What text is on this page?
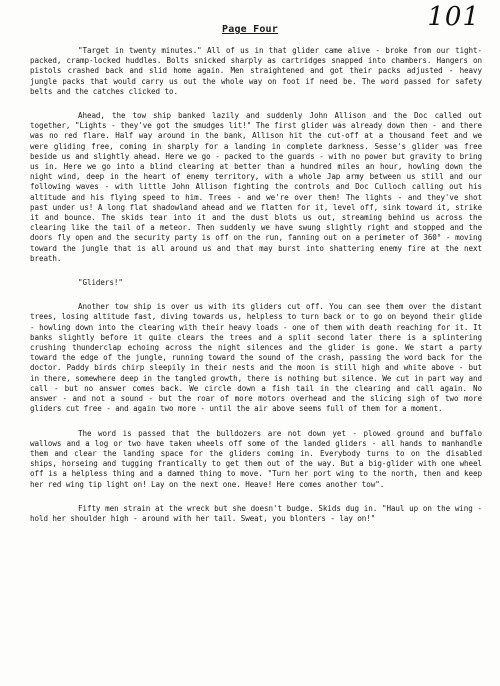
101
Page Four

"Target in twenty minutes." All of us in that glider came alive - broke from our tight-packed, cramp-locked huddles. Bolts snicked sharply as cartridges snapped into chambers. Hangers on pistols crashed back and slid home again. Men straightened and got their packs adjusted - heavy jungle packs that would carry us out the whole way on foot if need be. The word passed for safety belts and the catches clicked to.

Ahead, the tow ship banked lazily and suddenly John Allison and the Doc called out together, "Lights - they've got the smudges lit!" The first glider was already down then - and there was no red flare. Half way around in the bank, Allison hit the cut-off at a thousand feet and we were gliding free, coming in sharply for a landing in complete darkness. Sesse's glider was free beside us and slightly ahead. Here we go - packed to the guards - with no power but gravity to bring us in. Here we go into a blind clearing at better than a hundred miles an hour, howling down the night wind, deep in the heart of enemy territory, with a whole Jap army between us still and our following waves - with little John Allison fighting the controls and Doc Culloch calling out his altitude and his flying speed to him. Trees - and we're over them! The lights - and they've shot past under us! A long flat shadowland ahead and we flatten for it, level off, sink toward it, strike it and bounce. The skids tear into it and the dust blots us out, streaming behind us across the clearing like the tail of a meteor. Then suddenly we have swung slightly right and stopped and the doors fly open and the security party is off on the run, fanning out on a perimeter of 360° - moving toward the jungle that is all around us and that may burst into shattering enemy fire at the next breath.

"Gliders!"

Another tow ship is over us with its gliders cut off. You can see them over the distant trees, losing altitude fast, diving towards us, helpless to turn back or to go on beyond their glide - howling down into the clearing with their heavy loads - one of them with death reaching for it. It banks slightly before it quite clears the trees and a split second later there is a splintering crushing thunderclap echoing across the night silences and the glider is gone. We start a party toward the edge of the jungle, running toward the sound of the crash, passing the word back for the doctor. Paddy birds chirp sleepily in their nests and the moon is still high and white above - but in there, somewhere deep in the tangled growth, there is nothing but silence. We cut in part way and call - but no answer comes back. We circle down a fish tail in the clearing and call again. No answer - and not a sound - but the roar of more motors overhead and the slicing sigh of two more gliders cut free - and again two more - until the air above seems full of them for a moment.

The word is passed that the bulldozers are not down yet - plowed ground and buffalo wallows and a log or two have taken wheels off some of the landed gliders - all hands to manhandle them and clear the landing space for the gliders coming in. Everybody turns to on the disabled ships, horseing and tugging frantically to get them out of the way. But a big-glider with one wheel off is a helpless thing and a damned thing to move. "Turn her port wing to the north, then and keep her red wing tip light on! Lay on the next one. Heave! Here comes another tow".

Fifty men strain at the wreck but she doesn't budge. Skids dug in. "Haul up on the wing - hold her shoulder high - around with her tail. Sweat, you blonters - lay on!"
